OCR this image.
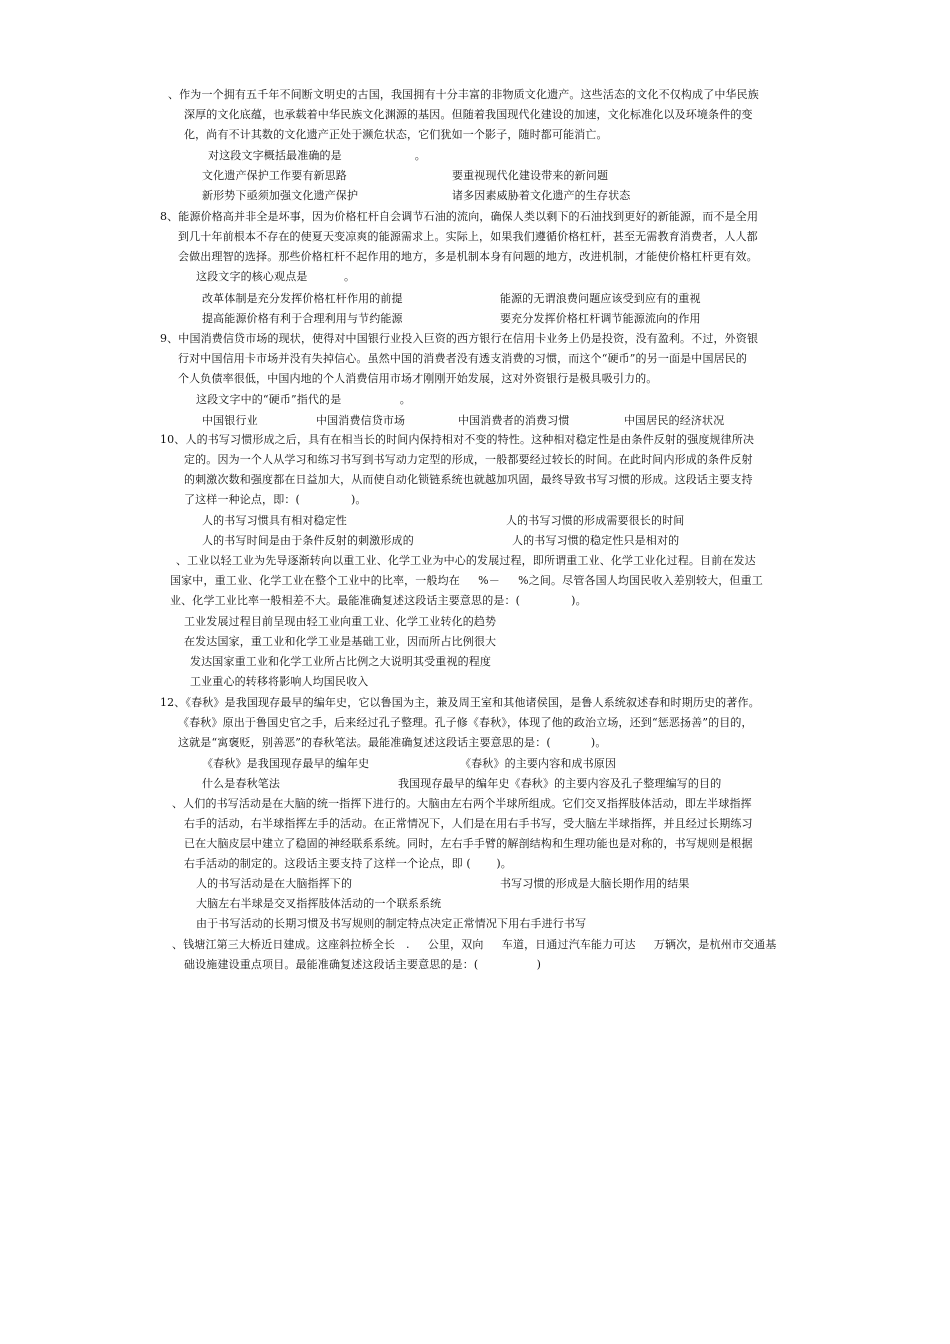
、作为一个拥有五千年不间断文明史的古国，我国拥有十分丰富的非物质文化遗产。这些活态的文化不仅构成了中华民族
深厚的文化底蕴，也承载着中华民族文化渊源的基因。但随着我国现代化建设的加速，文化标准化以及环境条件的变
化，尚有不计其数的文化遗产正处于濒危状态，它们犹如一个影子，随时都可能消亡。
对这段文字概括最准确的是                    。
文化遗产保护工作要有新思路	要重视现代化建设带来的新问题
新形势下亟须加强文化遗产保护	诸多因素威胁着文化遗产的生存状态
8、能源价格高并非全是坏事，因为价格杠杆自会调节石油的流向，确保人类以剩下的石油找到更好的新能源，而不是全用
到几十年前根本不存在的使夏天变凉爽的能源需求上。实际上，如果我们遵循价格杠杆，甚至无需教育消费者，人人都
会做出理智的选择。那些价格杠杆不起作用的地方，多是机制本身有问题的地方，改进机制，才能使价格杠杆更有效。
这段文字的核心观点是          。
改革体制是充分发挥价格杠杆作用的前提	能源的无谓浪费问题应该受到应有的重视
提高能源价格有利于合理利用与节约能源	要充分发挥价格杠杆调节能源流向的作用
9、中国消费信贷市场的现状，使得对中国银行业投入巨资的西方银行在信用卡业务上仍是投资，没有盈利。不过，外资银
行对中国信用卡市场并没有失掉信心。虽然中国的消费者没有透支消费的习惯，而这个“硬币”的另一面是中国居民的
个人负债率很低，中国内地的个人消费信用市场才刚刚开始发展，这对外资银行是极具吸引力的。
这段文字中的“硬币”指代的是                。
中国银行业	中国消费信贷市场	中国消费者的消费习惯	中国居民的经济状况
10、人的书写习惯形成之后，具有在相当长的时间内保持相对不变的特性。这种相对稳定性是由条件反射的强度规律所决
定的。因为一个人从学习和练习书写到书写动力定型的形成，一般都要经过较长的时间。在此时间内形成的条件反射
的刺激次数和强度都在日益加大，从而使自动化锁链系统也就越加巩固，最终导致书写习惯的形成。这段话主要支持
了这样一种论点，即：(              )。
人的书写习惯具有相对稳定性	人的书写习惯的形成需要很长的时间
人的书写时间是由于条件反射的刺激形成的	人的书写习惯的稳定性只是相对的
、工业以轻工业为先导逐渐转向以重工业、化学工业为中心的发展过程，即所谓重工业、化学工业化过程。目前在发达
国家中，重工业、化学工业在整个工业中的比率，一般均在     %－     %之间。尽管各国人均国民收入差别较大，但重工
业、化学工业比率一般相差不大。最能准确复述这段话主要意思的是：(              )。
工业发展过程目前呈现由轻工业向重工业、化学工业转化的趋势
在发达国家，重工业和化学工业是基础工业，因而所占比例很大
发达国家重工业和化学工业所占比例之大说明其受重视的程度
工业重心的转移将影响人均国民收入
12、《春秋》是我国现存最早的编年史，它以鲁国为主，兼及周王室和其他诸侯国，是鲁人系统叙述春和时期历史的著作。
《春秋》原出于鲁国史官之手，后来经过孔子整理。孔子修《春秋》，体现了他的政治立场，还到“惩恶扬善”的目的，
这就是“寓褒贬，别善恶”的春秋笔法。最能准确复述这段话主要意思的是：(           )。
《春秋》是我国现存最早的编年史	《春秋》的主要内容和成书原因
什么是春秋笔法	我国现存最早的编年史《春秋》的主要内容及孔子整理编写的目的
、人们的书写活动是在大脑的统一指挥下进行的。大脑由左右两个半球所组成。它们交叉指挥肢体活动，即左半球指挥
右手的活动，右半球指挥左手的活动。在正常情况下，人们是在用右手书写，受大脑左半球指挥，并且经过长期练习
已在大脑皮层中建立了稳固的神经联系系统。同时，左右手手臂的解剖结构和生理功能也是对称的，书写规则是根据
右手活动的制定的。这段话主要支持了这样一个论点，即 (       )。
人的书写活动是在大脑指挥下的	书写习惯的形成是大脑长期作用的结果
大脑左右半球是交叉指挥肢体活动的一个联系系统
由于书写活动的长期习惯及书写规则的制定特点决定正常情况下用右手进行书写
、钱塘江第三大桥近日建成。这座斜拉桥全长   .     公里，双向     车道，日通过汽车能力可达     万辆次，是杭州市交通基
础设施建设重点项目。最能准确复述这段话主要意思的是：(                )
